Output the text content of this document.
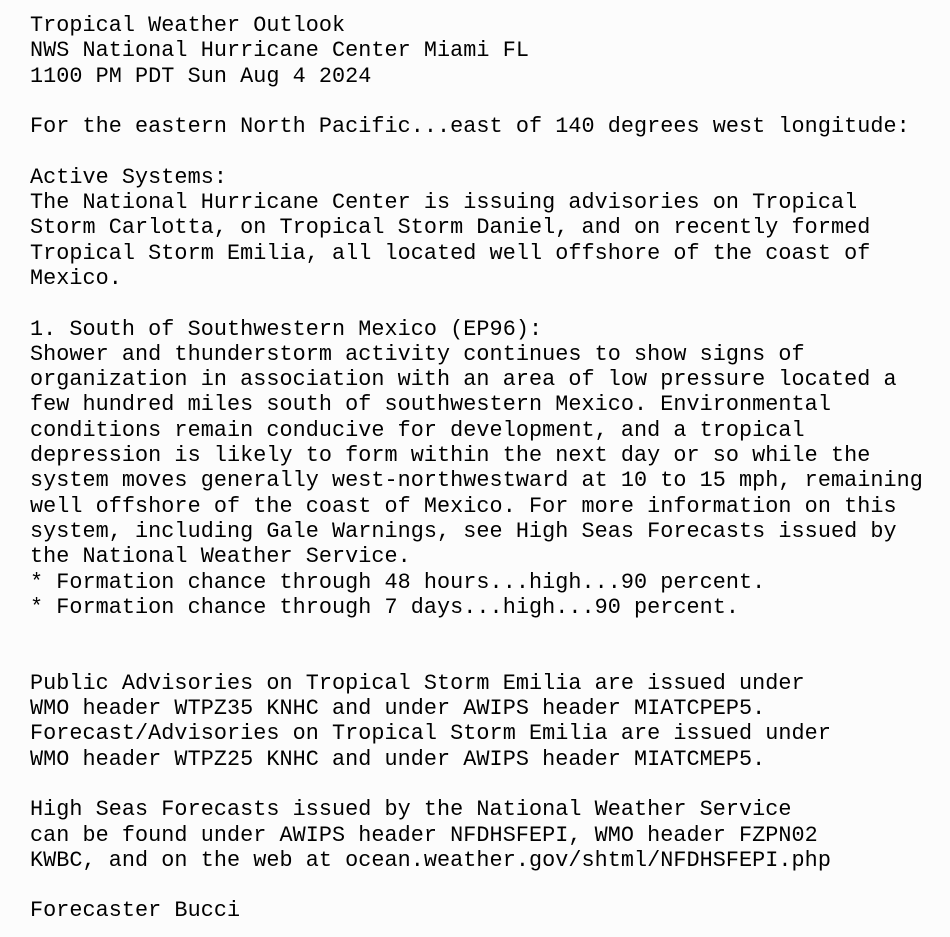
Tropical Weather Outlook
NWS National Hurricane Center Miami FL
1100 PM PDT Sun Aug 4 2024
For the eastern North Pacific...east of 140 degrees west longitude:
Active Systems:
The National Hurricane Center is issuing advisories on Tropical
Storm Carlotta, on Tropical Storm Daniel, and on recently formed
Tropical Storm Emilia, all located well offshore of the coast of
Mexico.
1. South of Southwestern Mexico (EP96):
Shower and thunderstorm activity continues to show signs of
organization in association with an area of low pressure located a
few hundred miles south of southwestern Mexico. Environmental
conditions remain conducive for development, and a tropical
depression is likely to form within the next day or so while the
system moves generally west-northwestward at 10 to 15 mph, remaining
well offshore of the coast of Mexico. For more information on this
system, including Gale Warnings, see High Seas Forecasts issued by
the National Weather Service.
* Formation chance through 48 hours...high...90 percent.
* Formation chance through 7 days...high...90 percent.
Public Advisories on Tropical Storm Emilia are issued under
WMO header WTPZ35 KNHC and under AWIPS header MIATCPEP5.
Forecast/Advisories on Tropical Storm Emilia are issued under
WMO header WTPZ25 KNHC and under AWIPS header MIATCMEP5.
High Seas Forecasts issued by the National Weather Service
can be found under AWIPS header NFDHSFEPI, WMO header FZPN02
KWBC, and on the web at ocean.weather.gov/shtml/NFDHSFEPI.php
Forecaster Bucci
